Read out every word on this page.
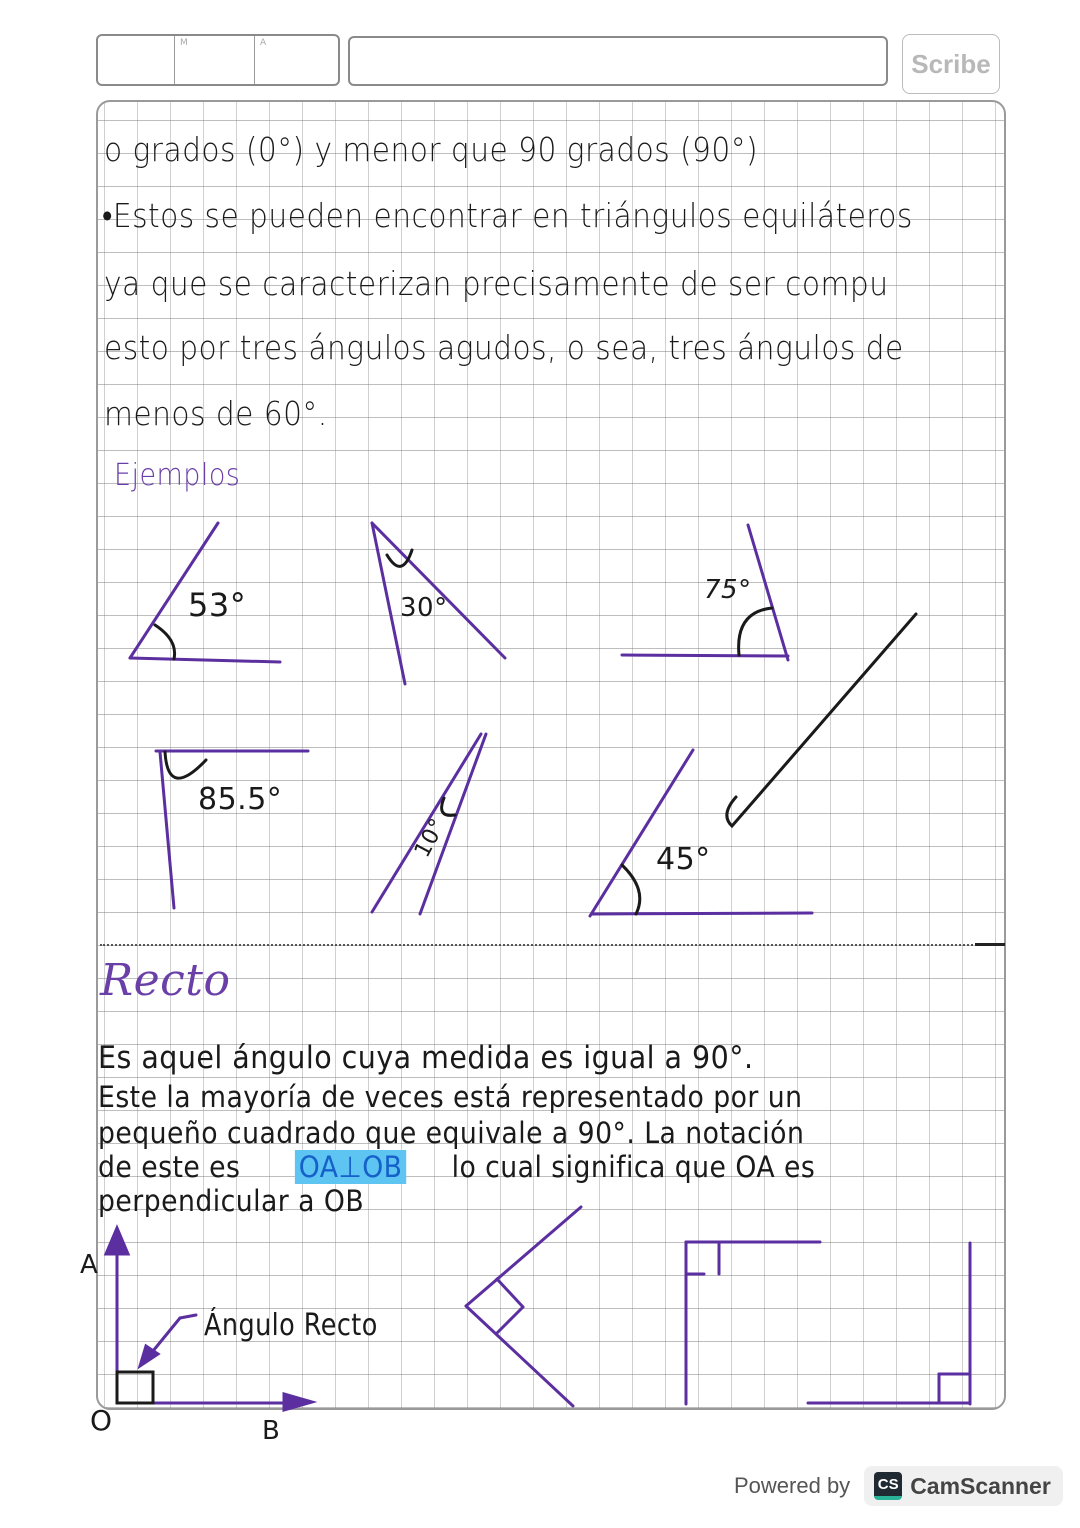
M	A
Scribe
o grados (0°) y menor que 90 grados (90°)
•Estos se pueden encontrar en triángulos equiláteros
ya que se caracterizan precisamente de ser compu
esto por tres ángulos agudos, o sea, tres ángulos de
menos de 60°.
Ejemplos
53°	30°
75°
85.5°
10°	45°
Recto
Es aquel ángulo cuya medida es igual a 90°.
Este la mayoría de veces está representado por un
pequeño cuadrado que equivale a 90°. La notación
de este es OA⊥OB lo cual significa que OA es
perpendicular a OB
A
O	B
Ángulo Recto
Powered by CS CamScanner
